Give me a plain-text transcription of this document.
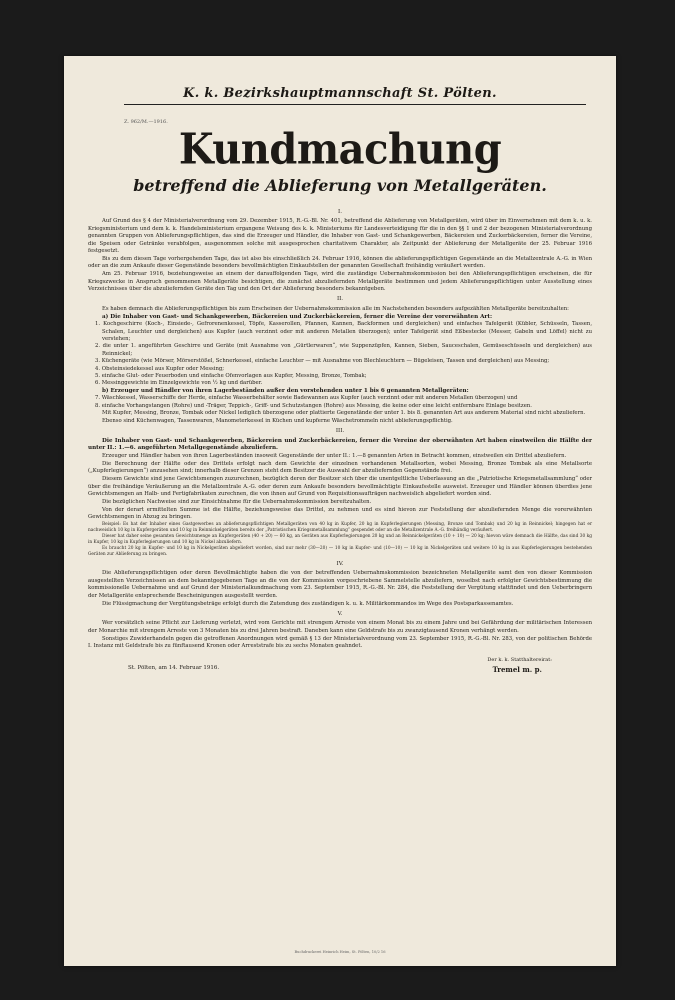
K. k. Bezirkshauptmannschaft St. Pölten.
Z. 962/M.—1916.
Kundmachung
betreffend die Ablieferung von Metallgeräten.
I.

Auf Grund des § 4 der Ministerialverordnung vom 29. Dezember 1915, R.-G.-Bl. Nr. 401, betreffend die Ablieferung von Metallgeräten, wird über im Einvernehmen mit dem k. u. k. Kriegsministerium und dem k. k. Handelsministerium ergangene Weisung des k. k. Ministeriums für Landesverteidigung für die in den §§ 1 und 2 der bezogenen Ministerialverordnung genannten Gruppen von Ablieferungspflichtigen, das sind die Erzeuger und Händler, die Inhaber von Gast- und Schankgewerben, Bäckereien und Zuckerbäckereien, ferner die Vereine, die Speisen oder Getränke verabfolgen, ausgenommen solche mit ausgesprochen charitativem Charakter, als Zeitpunkt der Ablieferung der Metallgeräte der 25. Februar 1916 festgesetzt.

Bis zu dem diesen Tage vorhergehenden Tage, das ist also bis einschließlich 24. Februar 1916, können die ablieferungspflichtigen Gegenstände an die Metallzentrale A.-G. in Wien oder an die zum Ankaufe dieser Gegenstände besonders bevollmächtigten Einkaufstellen der genannten Gesellschaft freihändig veräußert werden.

Am 25. Februar 1916, beziehungsweise an einem der darauffolgenden Tage, wird die zuständige Uebernahmskommission bei den Ablieferungspflichtigen erscheinen, die für Kriegszwecke in Anspruch genommenen Metallgeräte besichtigen, die zunächst abzuliefernden Metallgeräte bestimmen und jedem Ablieferungspflichtigen unter Ausstellung eines Verzeichnisses über die abzuliefernden Geräte den Tag und den Ort der Ablieferung besonders bekanntgeben.

II.

Es haben demnach die Ablieferungspflichtigen bis zum Erscheinen der Uebernahmskommission alle im Nachstehenden besonders aufgezählten Metallgeräte bereitzuhalten:

a) Die Inhaber von Gast- und Schankgewerben, Bäckereien und Zuckerbäckereien, ferner die Vereine der vorerwähnten Art:

1. Kochgeschirre (Koch-, Einsiede-, Gefrorenenkessel, Töpfe, Kasserollen, Pfannen, Kannen, Backformen und dergleichen) und einfaches Tafelgerät (Kübler, Schüsseln, Tassen, Schalen, Leuchter und dergleichen) aus Kupfer (auch verzinnt oder mit anderen Metallen überzogen); unter Tafelgerät sind Eßbestecke (Messer, Gabeln und Löffel) nicht zu verstehen;

2. die unter 1. angeführten Geschirre und Geräte (mit Ausnahme von „Gürtlerwaren“, wie Suppenzüpfen, Kannen, Sieben, Sauceschalen, Gemüseschüsseln und dergleichen) aus Reinnickel;

3. Küchengeräte (wie Mörser, Mörserstößel, Schnerkessel, einfache Leuchter — mit Ausnahme von Blechleuchtern — Bügeleisen, Tassen und dergleichen) aus Messing;

4. Obsteinsiedekessel aus Kupfer oder Messing;

5. einfache Glut- oder Feuerboden und einfache Ofenvorlagen aus Kupfer, Messing, Bronze, Tombak;

6. Messinggewichte im Einzelgewichte von ½ kg und darüber.

b) Erzeuger und Händler von ihren Lagerbeständen außer den vorstehenden unter 1 bis 6 genannten Metallgeräten:

7. Wäschkessel, Wasserschiffe der Herde, einfache Wasserbehälter sowie Badewannen aus Kupfer (auch verzinnt oder mit anderen Metallen überzogen) und

8. einfache Vorhangstangen (Rohre) und -Träger, Teppich-, Griff- und Schutzstangen (Rohre) aus Messing, die keine oder eine leicht entfernbare Einlage besitzen.

Mit Kupfer, Messing, Bronze, Tombak oder Nickel lediglich überzogene oder plattierte Gegenstände der unter 1. bis 8. genannten Art aus anderem Material sind nicht abzuliefern.

Ebenso sind Küchenwagen, Tassenwaren, Manometerkessel in Küchen und kupferne Wäschetrommeln nicht ablieferungspflichtig.

III.

Die Inhaber von Gast- und Schankgewerben, Bäckereien und Zuckerbäckereien, ferner die Vereine der oberwähnten Art haben einstweilen die Hälfte der unter II.: 1.—6. angeführten Metallgegenstände abzuliefern.

Erzeuger und Händler haben von ihren Lagerbeständen insoweit Gegenstände der unter II.: 1.—8 genannten Arten in Betracht kommen, einstweilen ein Drittel abzuliefern.

Die Berechnung der Hälfte oder des Drittels erfolgt nach dem Gewichte der einzelnen vorhandenen Metallsorten, wobei Messing, Bronze Tombak als eine Metallsorte („Kupferlegierungen“) anzusehen sind; innerhalb dieser Grenzen steht dem Besitzer die Auswahl der abzuliefernden Gegenstände frei.

Diesem Gewichte sind jene Gewichtsmengen zuzurechnen, bezüglich deren der Besitzer sich über die unentgeltliche Ueberlassung an die „Patriotische Kriegsmetallsammlung“ oder über die freihändige Veräußerung an die Metallzentrale A.-G. oder deren zum Ankaufe besonders bevollmächtigte Einkaufsstelle ausweist. Erzeuger und Händler können überdies jene Gewichtsmengen an Halb- und Fertigfabrikaten zurechnen, die von ihnen auf Grund von Requisitionsaufträgen nachweislich abgeliefert worden sind.

Die bezüglichen Nachweise sind zur Einsichtnahme für die Uebernahmskommission bereitzuhalten.

Von der derart ermittelten Summe ist die Hälfte, beziehungsweise das Drittel, zu nehmen und es sind hievon zur Feststellung der abzuliefernden Menge die vorerwähnten Gewichtsmengen in Abzug zu bringen.

Beispiel: Es hat der Inhaber eines Gastgewerbes an ablieferungspflichtigen Metallgeräten von 40 kg in Kupfer, 20 kg in Kupferlegierungen (Messing, Bronze und Tombak) und 20 kg in Reinnickel; hingegen hat er nachweislich 10 kg in Kupfergeräten und 10 kg in Reinnickelgeräten bereits der „Patriotischen Kriegsmetallsammlung“ gespendet oder an die Metallzentrale A.-G. freihändig veräußert.

Dieser hat daher seine gesamten Gewichtsmenge an Kupfergeräten (40 + 20) — 60 kg, an Geräten aus Kupferlegierungen 20 kg und an Reinnickelgeräten (10 + 10) — 20 kg; hievon wäre demnach die Hälfte, das sind 30 kg in Kupfer, 10 kg in Kupferlegierungen und 10 kg in Nickel abzuliefern.

Es braucht 20 kg in Kupfer- und 10 kg in Nickelgeräten abgeliefert worden, sind nur mehr (30—20) — 10 kg in Kupfer- und (10—10) — 10 kg in Nickelgeräten und weitere 10 kg in aus Kupferlegierungen bestehenden Geräten zur Ablieferung zu bringen.

IV.

Die Ablieferungspflichtigen oder deren Bevollmächtigte haben die von der betreffenden Uebernahmskommission bezeichneten Metallgeräte samt den von dieser Kommission ausgestellten Verzeichnissen an dem bekanntgegebenen Tage an die von der Kommission vorgeschriebene Sammelstelle abzuliefern, woselbst nach erfolgter Gewichtsbestimmung die kommissionelle Uebernahme und auf Grund der Ministerialkundmachung vom 23. September 1915, R.-G.-Bl. Nr. 284, die Feststellung der Vergütung stattfindet und den Ueberbringern der Metallgeräte entsprechende Bescheinigungen ausgestellt werden.

Die Flüssigmachung der Vergütungsbeträge erfolgt durch die Zutendung des zuständigen k. u. k. Militärkommandos im Wege des Postsparkassenamtes.

V.

Wer vorsätzlich seine Pflicht zur Lieferung verletzt, wird vom Gerichte mit strengem Arreste von einem Monat bis zu einem Jahre und bei Gefährdung der militärischen Interessen der Monarchie mit strengem Arreste von 3 Monaten bis zu drei Jahren bestraft. Daneben kann eine Geldstrafe bis zu zwanzigtausend Kronen verhängt werden.

Sonstiges Zuwiderhandeln gegen die getroffenen Anordnungen wird gemäß § 13 der Ministerialverordnung vom 23. September 1915, R.-G.-Bl. Nr. 283, von der politischen Behörde I. Instanz mit Geldstrafe bis zu fünftausend Kronen oder Arreststrafe bis zu sechs Monaten geahndet.

St. Pölten, am 14. Februar 1916.
Der k. k. Statthaltereirat:
Tremel m. p.
Buchdruckerei Heinrich Heim, St. Pölten, 10/2 16
